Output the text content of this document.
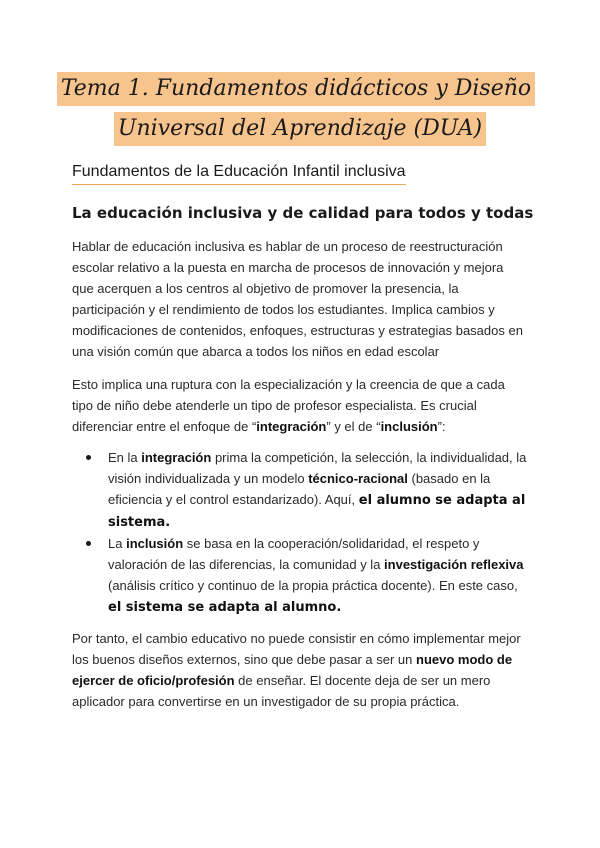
Tema 1. Fundamentos didácticos y Diseño
Universal del Aprendizaje (DUA)
Fundamentos de la Educación Infantil inclusiva
La educación inclusiva y de calidad para todos y todas

Hablar de educación inclusiva es hablar de un proceso de reestructuración escolar relativo a la puesta en marcha de procesos de innovación y mejora que acerquen a los centros al objetivo de promover la presencia, la participación y el rendimiento de todos los estudiantes. Implica cambios y modificaciones de contenidos, enfoques, estructuras y estrategias basados en una visión común que abarca a todos los niños en edad escolar

Esto implica una ruptura con la especialización y la creencia de que a cada tipo de niño debe atenderle un tipo de profesor especialista. Es crucial diferenciar entre el enfoque de “integración” y el de “inclusión”:

En la integración prima la competición, la selección, la individualidad, la visión individualizada y un modelo técnico-racional (basado en la eficiencia y el control estandarizado). Aquí, el alumno se adapta al sistema.
La inclusión se basa en la cooperación/solidaridad, el respeto y valoración de las diferencias, la comunidad y la investigación reflexiva (análisis crítico y continuo de la propia práctica docente). En este caso, el sistema se adapta al alumno.

Por tanto, el cambio educativo no puede consistir en cómo implementar mejor los buenos diseños externos, sino que debe pasar a ser un nuevo modo de ejercer de oficio/profesión de enseñar. El docente deja de ser un mero aplicador para convertirse en un investigador de su propia práctica.
